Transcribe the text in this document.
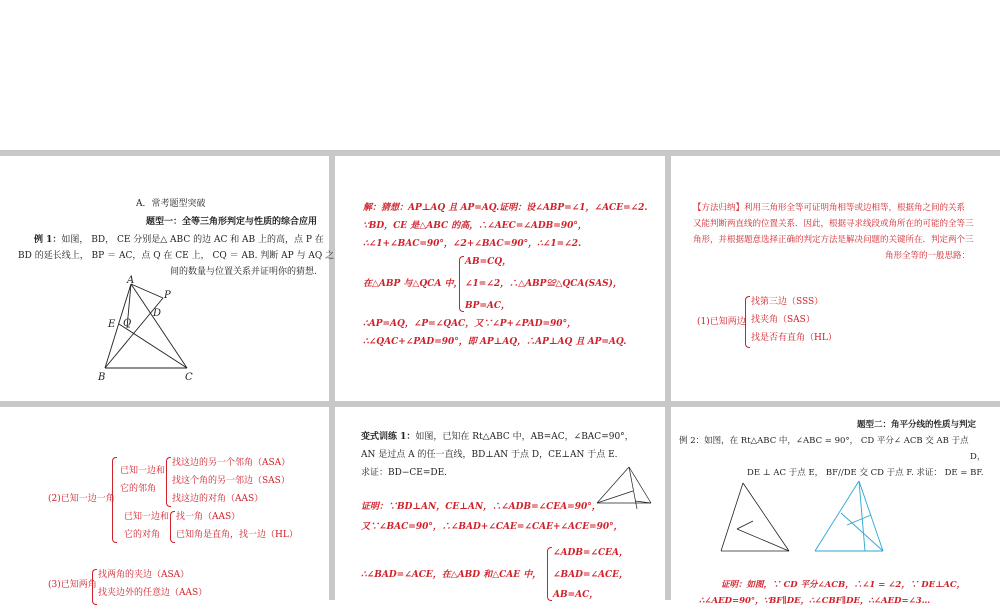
A．常考题型突破
题型一：全等三角形判定与性质的综合应用
例 1：如图， BD， CE 分别是△ ABC 的边 AC 和 AB 上的高，点 P 在
BD 的延长线上， BP ＝ AC，点 Q 在 CE 上， CQ ＝ AB. 判断 AP 与 AQ 之
间的数量与位置关系并证明你的猜想.
A
P
D
E Q
B	C
解：猜想：AP⊥AQ 且 AP=AQ.证明：设∠ABP=∠1，∠ACE=∠2.
∵BD，CE 是△ABC 的高，∴∠AEC=∠ADB=90°，
∴∠1+∠BAC=90°，∠2+∠BAC=90°，∴∠1=∠2.
AB=CQ，
在△ABP 与△QCA 中， ∠1=∠2，∴△ABP≌△QCA(SAS)，
BP=AC，
∴AP=AQ，∠P=∠QAC，又∵∠P+∠PAD=90°，
∴∠QAC+∠PAD=90°，即 AP⊥AQ，∴AP⊥AQ 且 AP=AQ.
【方法归纳】利用三角形全等可证明角相等或边相等，根据角之间的关系
又能判断两直线的位置关系．因此，根据寻求线段或角所在的可能的全等三
角形，并根据题意选择正确的判定方法是解决问题的关键所在．判定两个三
角形全等的一般思路：
(1)已知两边
找第三边（SSS）
找夹角（SAS）
找是否有直角（HL）
(2)已知一边一角
已知一边和
它的邻角
找这边的另一个邻角（ASA）
找这个角的另一邻边（SAS）
找这边的对角（AAS）
已知一边和
它的对角
找一角（AAS）
已知角是直角，找一边（HL）
(3)已知两角
找两角的夹边（ASA）
找夹边外的任意边（AAS）
变式训练 1：如图，已知在 Rt△ABC 中，AB=AC，∠BAC=90°，
AN 是过点 A 的任一直线，BD⊥AN 于点 D，CE⊥AN 于点 E.
求证：BD−CE=DE.
证明：∵BD⊥AN，CE⊥AN，∴∠ADB=∠CEA=90°，
又∵∠BAC=90°，∴∠BAD+∠CAE=∠CAE+∠ACE=90°，
∠ADB=∠CEA，
∴∠BAD=∠ACE，在△ABD 和△CAE 中， ∠BAD=∠ACE，
AB=AC，
题型二：角平分线的性质与判定
例 2：如图，在 Rt△ABC 中，∠ABC = 90°， CD 平分∠ ACB 交 AB 于点
D，
DE ⊥ AC 于点 E， BF//DE 交 CD 于点 F. 求证： DE = BF.
证明：如图，∵ CD 平分∠ACB，∴∠1 = ∠2，∵ DE⊥AC，
∴∠AED=90°，∵BF∥DE，∴∠CBF∥DE，∴∠AED=∠3…
